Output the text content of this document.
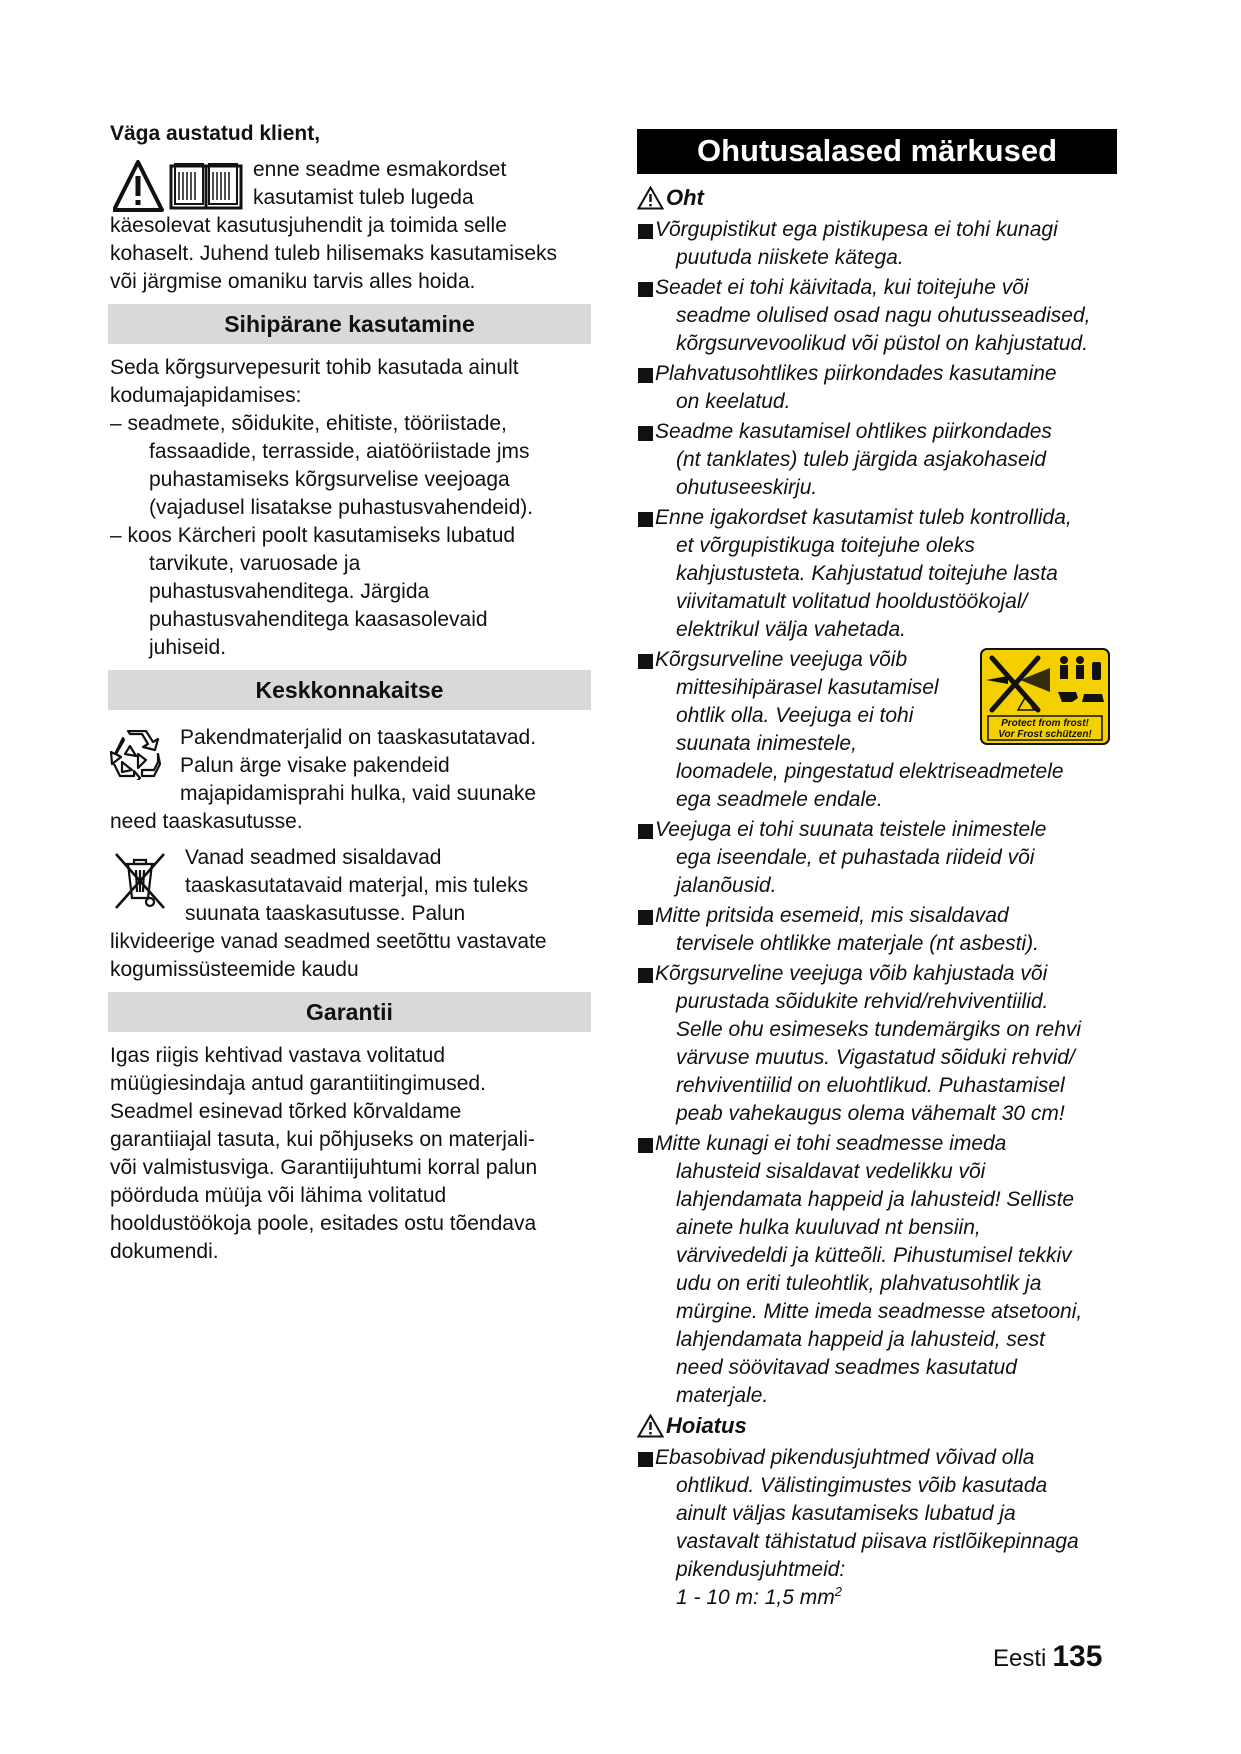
Väga austatud klient,
enne seadme esmakordset
kasutamist tuleb lugeda
käesolevat kasutusjuhendit ja toimida selle
kohaselt. Juhend tuleb hilisemaks kasutamiseks
või järgmise omaniku tarvis alles hoida.
Sihipärane kasutamine
Seda kõrgsurvepesurit tohib kasutada ainult
kodumajapidamises:
– seadmete, sõidukite, ehitiste, tööriistade,
fassaadide, terrasside, aiatööriistade jms
puhastamiseks kõrgsurvelise veejoaga
(vajadusel lisatakse puhastusvahendeid).
– koos Kärcheri poolt kasutamiseks lubatud
tarvikute, varuosade ja
puhastusvahenditega. Järgida
puhastusvahenditega kaasasolevaid
juhiseid.
Keskkonnakaitse
Pakendmaterjalid on taaskasutatavad.
Palun ärge visake pakendeid
majapidamisprahi hulka, vaid suunake
need taaskasutusse.
Vanad seadmed sisaldavad
taaskasutatavaid materjal, mis tuleks
suunata taaskasutusse. Palun
likvideerige vanad seadmed seetõttu vastavate
kogumissüsteemide kaudu
Garantii
Igas riigis kehtivad vastava volitatud
müügiesindaja antud garantiitingimused.
Seadmel esinevad tõrked kõrvaldame
garantiiajal tasuta, kui põhjuseks on materjali-
või valmistusviga. Garantiijuhtumi korral palun
pöörduda müüja või lähima volitatud
hooldustöökoja poole, esitades ostu tõendava
dokumendi.
Ohutusalased märkused
Oht
Võrgupistikut ega pistikupesa ei tohi kunagi
puutuda niiskete kätega.
Seadet ei tohi käivitada, kui toitejuhe või
seadme olulised osad nagu ohutusseadised,
kõrgsurvevoolikud või püstol on kahjustatud.
Plahvatusohtlikes piirkondades kasutamine
on keelatud.
Seadme kasutamisel ohtlikes piirkondades
(nt tanklates) tuleb järgida asjakohaseid
ohutuseeskirju.
Enne igakordset kasutamist tuleb kontrollida,
et võrgupistikuga toitejuhe oleks
kahjustusteta. Kahjustatud toitejuhe lasta
viivitamatult volitatud hooldustöökojal/
elektrikul välja vahetada.
Protect from frost!
Vor Frost schützen!
Kõrgsurveline veejuga võib
mittesihipärasel kasutamisel
ohtlik olla. Veejuga ei tohi
suunata inimestele,
loomadele, pingestatud elektriseadmetele
ega seadmele endale.
Veejuga ei tohi suunata teistele inimestele
ega iseendale, et puhastada riideid või
jalanõusid.
Mitte pritsida esemeid, mis sisaldavad
tervisele ohtlikke materjale (nt asbesti).
Kõrgsurveline veejuga võib kahjustada või
purustada sõidukite rehvid/rehviventiilid.
Selle ohu esimeseks tundemärgiks on rehvi
värvuse muutus. Vigastatud sõiduki rehvid/
rehviventiilid on eluohtlikud. Puhastamisel
peab vahekaugus olema vähemalt 30 cm!
Mitte kunagi ei tohi seadmesse imeda
lahusteid sisaldavat vedelikku või
lahjendamata happeid ja lahusteid! Selliste
ainete hulka kuuluvad nt bensiin,
värvivedeldi ja kütteõli. Pihustumisel tekkiv
udu on eriti tuleohtlik, plahvatusohtlik ja
mürgine. Mitte imeda seadmesse atsetooni,
lahjendamata happeid ja lahusteid, sest
need söövitavad seadmes kasutatud
materjale.
Hoiatus
Ebasobivad pikendusjuhtmed võivad olla
ohtlikud. Välistingimustes võib kasutada
ainult väljas kasutamiseks lubatud ja
vastavalt tähistatud piisava ristlõikepinnaga
pikendusjuhtmeid:
1 - 10 m: 1,5 $mm^2$
Eesti 135
